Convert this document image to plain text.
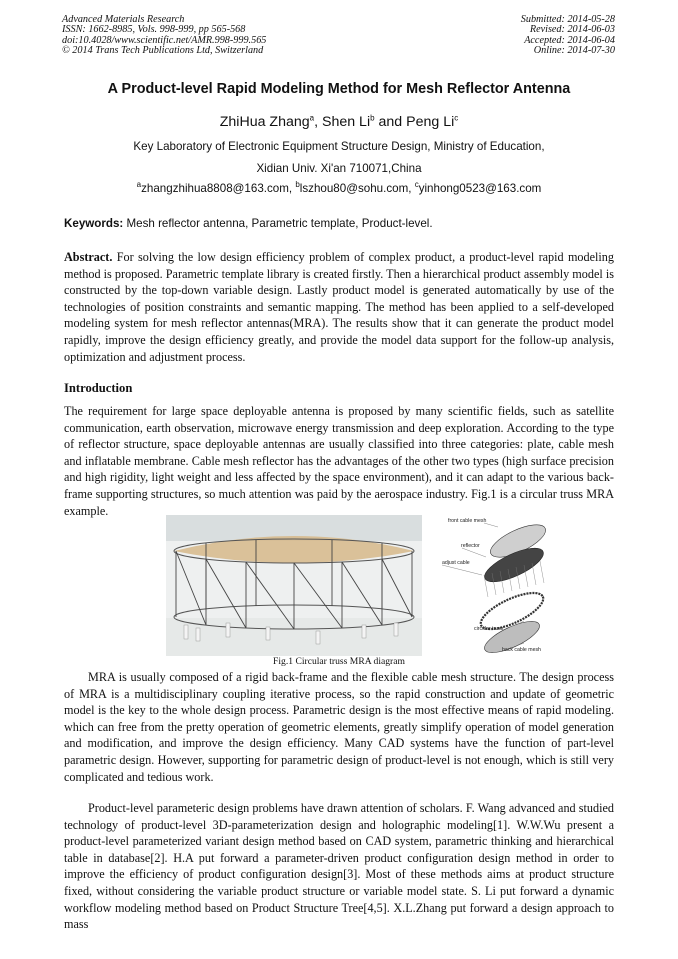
Advanced Materials Research
ISSN: 1662-8985, Vols. 998-999, pp 565-568
doi:10.4028/www.scientific.net/AMR.998-999.565
© 2014 Trans Tech Publications Ltd, Switzerland
Submitted: 2014-05-28
Revised: 2014-06-03
Accepted: 2014-06-04
Online: 2014-07-30
A Product-level Rapid Modeling Method for Mesh Reflector Antenna
ZhiHua Zhang$^a$, Shen Li$^b$ and Peng Li$^c$
Key Laboratory of Electronic Equipment Structure Design, Ministry of Education,
Xidian Univ. Xi'an 710071,China
$^a$zhangzhihua8808@163.com, $^b$lszhou80@sohu.com, $^c$yinhong0523@163.com
Keywords: Mesh reflector antenna, Parametric template, Product-level.

Abstract. For solving the low design efficiency problem of complex product, a product-level rapid modeling method is proposed. Parametric template library is created firstly. Then a hierarchical product assembly model is constructed by the top-down variable design. Lastly product model is generated automatically by use of the technologies of position constraints and semantic mapping. The method has been applied to a self-developed modeling system for mesh reflector antennas(MRA). The results show that it can generate the product model rapidly, improve the design efficiency greatly, and provide the model data support for the follow-up analysis, optimization and adjustment process.

Introduction

The requirement for large space deployable antenna is proposed by many scientific fields, such as satellite communication, earth observation, microwave energy transmission and deep exploration. According to the type of reflector structure, space deployable antennas are usually classified into three categories: plate, cable mesh and inflatable membrane. Cable mesh reflector has the advantages of the other two types (high surface precision and high rigidity, light weight and less affected by the space environment), and it can adapt to the various back-frame supporting structures, so much attention was paid by the aerospace industry. Fig.1 is a circular truss MRA example.

front cable mesh
reflector
adjust cable
circular truss
back cable mesh
Fig.1 Circular truss MRA diagram

MRA is usually composed of a rigid back-frame and the flexible cable mesh structure. The design process of MRA is a multidisciplinary coupling iterative process, so the rapid construction and update of geometric model is the key to the whole design process. Parametric design is the most effective means of rapid modeling. which can free from the pretty operation of geometric elements, greatly simplify operation of model generation and modification, and improve the design efficiency. Many CAD systems have the function of part-level parametric design. However, supporting for parametric design of product-level is not enough, which is still very complicated and tedious work.

Product-level parameteric design problems have drawn attention of scholars. F. Wang advanced and studied technology of product-level 3D-parameterization design and holographic modeling[1]. W.W.Wu present a product-level parameterized variant design method based on CAD system, parametric thinking and hierarchical table in database[2]. H.A put forward a parameter-driven product configuration design method in order to improve the efficiency of product configuration design[3]. Most of these methods aims at product structure fixed, without considering the variable product structure or variable model state. S. Li put forward a dynamic workflow modeling method based on Product Structure Tree[4,5]. X.L.Zhang put forward a design approach to mass
